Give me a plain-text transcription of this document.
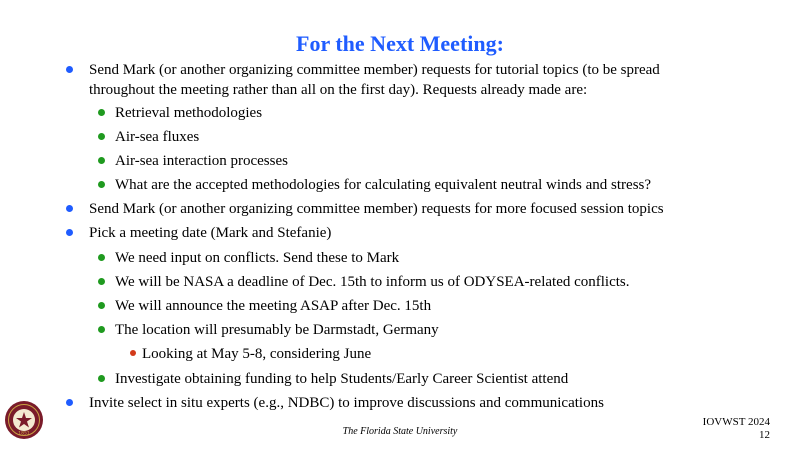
For the Next Meeting:
Send Mark (or another organizing committee member) requests for tutorial topics (to be spread
throughout the meeting rather than all on the first day). Requests already made are:
Retrieval methodologies
Air-sea fluxes
Air-sea interaction processes
What are the accepted methodologies for calculating equivalent neutral winds and stress?
Send Mark (or another organizing committee member) requests for more focused session topics
Pick a meeting date (Mark and Stefanie)
We need input on conflicts. Send these to Mark
We will be NASA a deadline of Dec. 15th to inform us of ODYSEA-related conflicts.
We will announce the meeting ASAP after Dec. 15th
The location will presumably be Darmstadt, Germany
Looking at May 5-8, considering June
Investigate obtaining funding to help Students/Early Career Scientist attend
Invite select in situ experts (e.g., NDBC) to improve discussions and communications
1851	The Florida State University
IOVWST 2024
12
